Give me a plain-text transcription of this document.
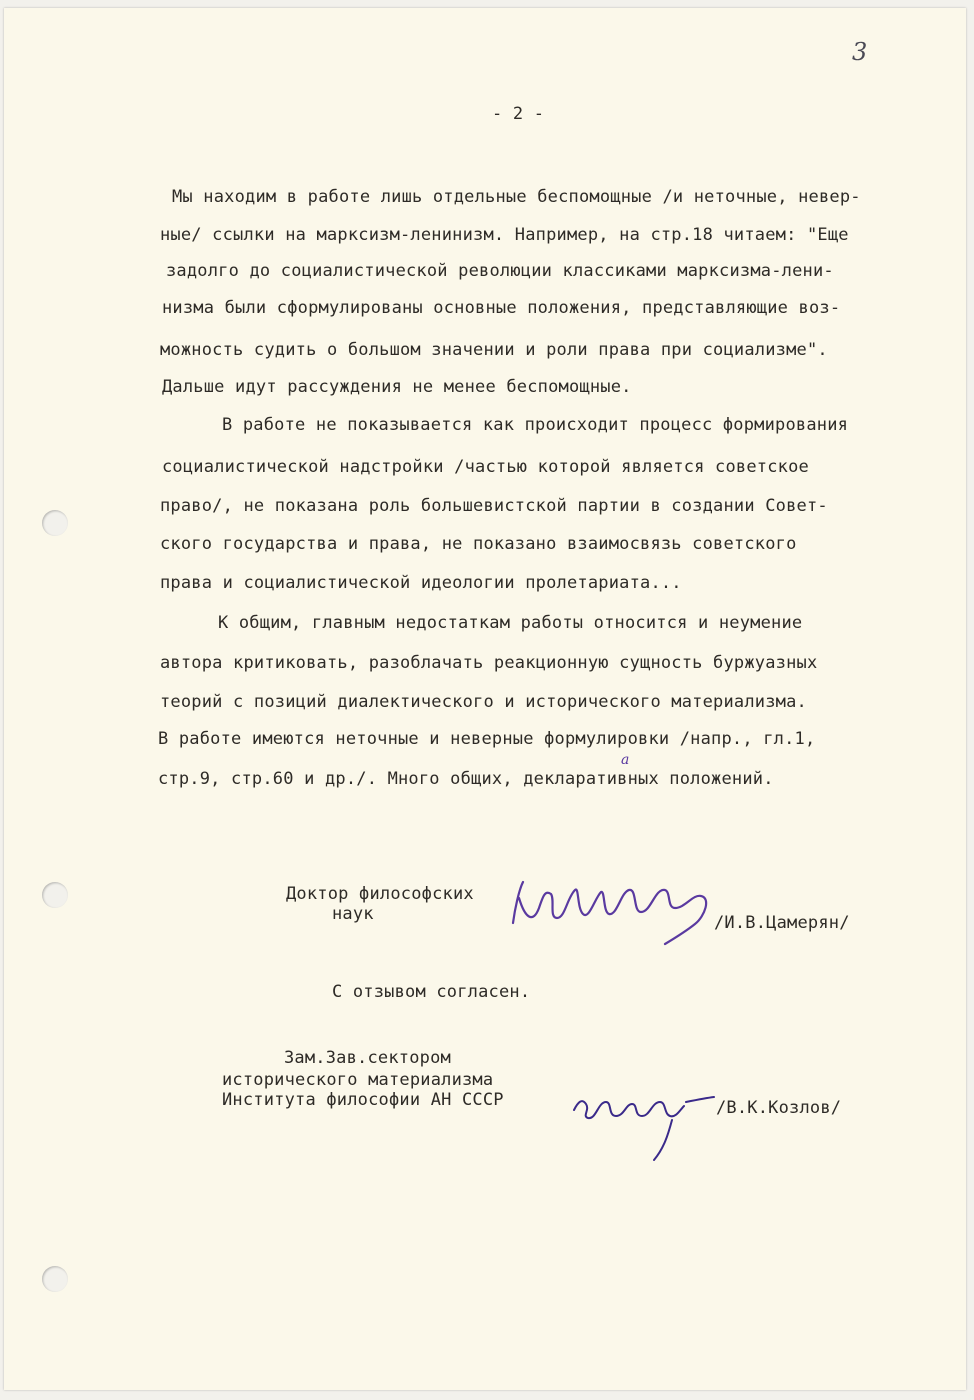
3
- 2 -
Мы находим в работе лишь отдельные беспомощные /и неточные, невер-
ные/ ссылки на марксизм-ленинизм. Например, на стр.18 читаем: "Еще
задолго до социалистической революции классиками марксизма-лени-
низма были сформулированы основные положения, представляющие воз-
можность судить о большом значении и роли права при социализме".
Дальше идут рассуждения не менее беспомощные.
В работе не показывается как происходит процесс формирования
социалистической надстройки /частью которой является советское
право/, не показана роль большевистской партии в создании Совет-
ского государства и права, не показано взаимосвязь советского
права и социалистической идеологии пролетариата...
К общим, главным недостаткам работы относится и неумение
автора критиковать, разоблачать реакционную сущность буржуазных
теорий с позиций диалектического и исторического материализма.
В работе имеются неточные и неверные формулировки /напр., гл.1,
стр.9, стр.60 и др./. Много общих, декларативных положений.
а
Доктор философских
наук	/И.В.Цамерян/
С отзывом согласен.
Зам.Зав.сектором
исторического материализма
Института философии АН СССР	/В.К.Козлов/
